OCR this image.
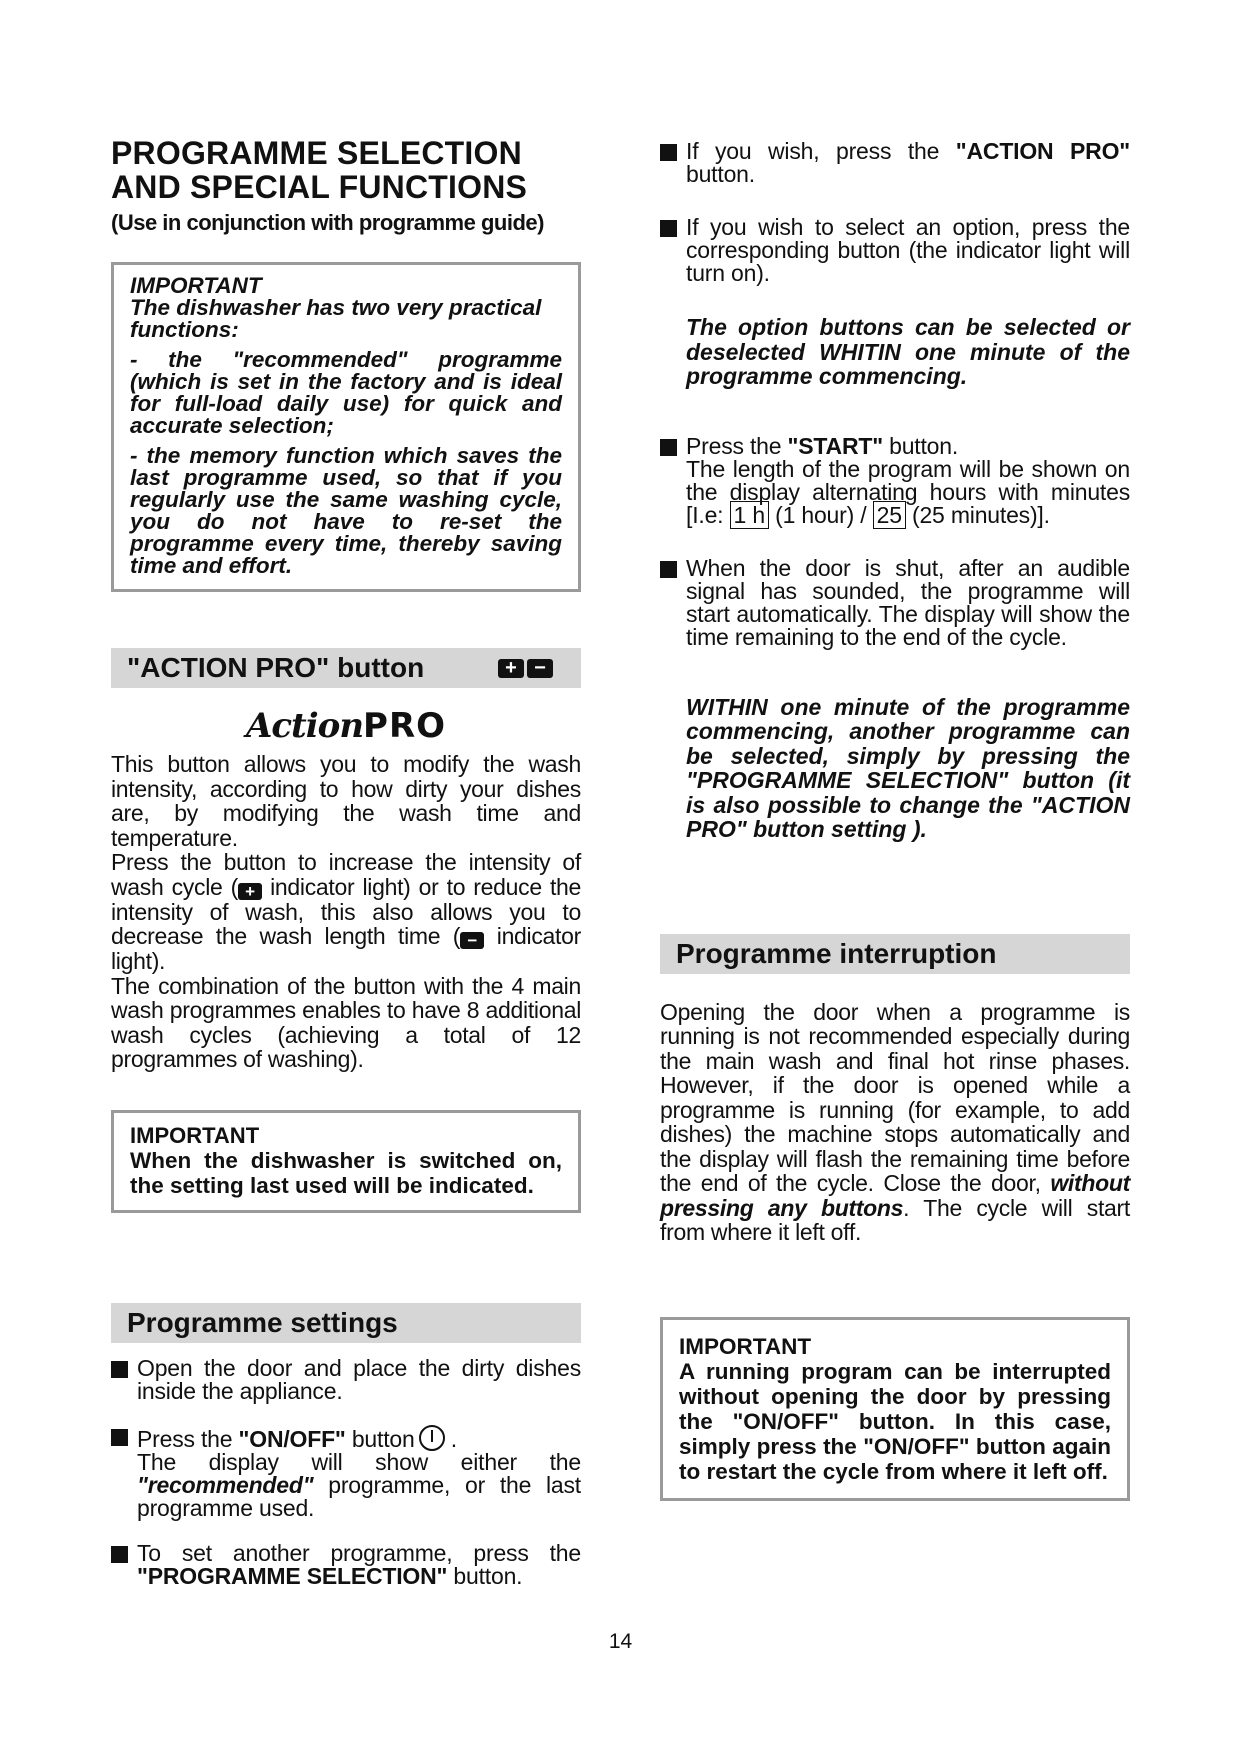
PROGRAMME SELECTION
AND SPECIAL FUNCTIONS
(Use in conjunction with programme guide)

IMPORTANT

The dishwasher has two very practical functions:

- the "recommended" programme (which is set in the factory and is ideal for full-load daily use) for quick and accurate selection;

- the memory function which saves the last programme used, so that if you regularly use the same washing cycle, you do not have to re-set the programme every time, thereby saving time and effort.

"ACTION PRO" button	+ −
ActionPRO

This button allows you to modify the wash intensity, according to how dirty your dishes are, by modifying the wash time and temperature.

Press the button to increase the intensity of wash cycle ( + indicator light) or to reduce the intensity of wash, this also allows you to decrease the wash length time ( − indicator light).

The combination of the button with the 4 main wash programmes enables to have 8 additional wash cycles (achieving a total of 12 programmes of washing).

IMPORTANT

When the dishwasher is switched on, the setting last used will be indicated.

Programme settings
Open the door and place the dirty dishes inside the appliance.
Press the "ON/OFF" button .
The display will show either the "recommended" programme, or the last programme used.
To set another programme, press the "PROGRAMME SELECTION" button.
If you wish, press the "ACTION PRO" button.
If you wish to select an option, press the corresponding button (the indicator light will turn on).

The option buttons can be selected or deselected WHITIN one minute of the programme commencing.

Press the "START" button.
The length of the program will be shown on the display alternating hours with minutes [I.e: 1 h (1 hour) / 25 (25 minutes)].
When the door is shut, after an audible signal has sounded, the programme will start automatically. The display will show the time remaining to the end of the cycle.

WITHIN one minute of the programme commencing, another programme can be selected, simply by pressing the "PROGRAMME SELECTION" button (it is also possible to change the "ACTION PRO" button setting ).

Programme interruption

Opening the door when a programme is running is not recommended especially during the main wash and final hot rinse phases. However, if the door is opened while a programme is running (for example, to add dishes) the machine stops automatically and the display will flash the remaining time before the end of the cycle. Close the door, without pressing any buttons. The cycle will start from where it left off.

IMPORTANT

A running program can be interrupted without opening the door by pressing the "ON/OFF" button. In this case, simply press the "ON/OFF" button again to restart the cycle from where it left off.

14
